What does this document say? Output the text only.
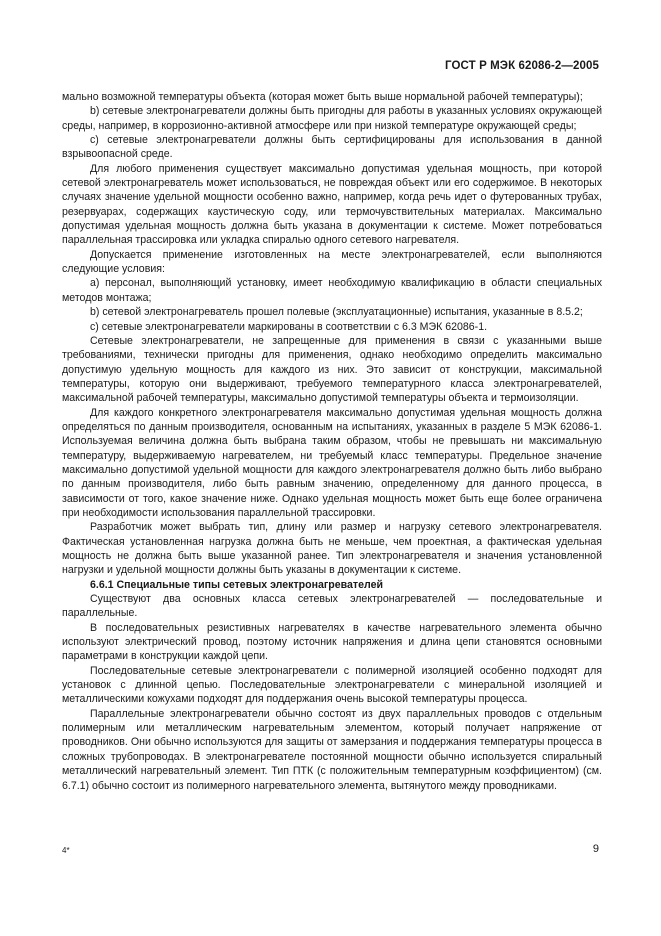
ГОСТ Р МЭК 62086-2—2005

мально возможной температуры объекта (которая может быть выше нормальной рабочей температуры);

b) сетевые электронагреватели должны быть пригодны для работы в указанных условиях окружающей среды, например, в коррозионно-активной атмосфере или при низкой температуре окружающей среды;

c) сетевые электронагреватели должны быть сертифицированы для использования в данной взрывоопасной среде.

Для любого применения существует максимально допустимая удельная мощность, при которой сетевой электронагреватель может использоваться, не повреждая объект или его содержимое. В некоторых случаях значение удельной мощности особенно важно, например, когда речь идет о футерованных трубах, резервуарах, содержащих каустическую соду, или термочувствительных материалах. Максимально допустимая удельная мощность должна быть указана в документации к системе. Может потребоваться параллельная трассировка или укладка спиралью одного сетевого нагревателя.

Допускается применение изготовленных на месте электронагревателей, если выполняются следующие условия:

a) персонал, выполняющий установку, имеет необходимую квалификацию в области специальных методов монтажа;

b) сетевой электронагреватель прошел полевые (эксплуатационные) испытания, указанные в 8.5.2;

c) сетевые электронагреватели маркированы в соответствии с 6.3 МЭК 62086-1.

Сетевые электронагреватели, не запрещенные для применения в связи с указанными выше требованиями, технически пригодны для применения, однако необходимо определить максимально допустимую удельную мощность для каждого из них. Это зависит от конструкции, максимальной температуры, которую они выдерживают, требуемого температурного класса электронагревателей, максимальной рабочей температуры, максимально допустимой температуры объекта и термоизоляции.

Для каждого конкретного электронагревателя максимально допустимая удельная мощность должна определяться по данным производителя, основанным на испытаниях, указанных в разделе 5 МЭК 62086-1. Используемая величина должна быть выбрана таким образом, чтобы не превышать ни максимальную температуру, выдерживаемую нагревателем, ни требуемый класс температуры. Предельное значение максимально допустимой удельной мощности для каждого электронагревателя должно быть либо выбрано по данным производителя, либо быть равным значению, определенному для данного процесса, в зависимости от того, какое значение ниже. Однако удельная мощность может быть еще более ограничена при необходимости использования параллельной трассировки.

Разработчик может выбрать тип, длину или размер и нагрузку сетевого электронагревателя. Фактическая установленная нагрузка должна быть не меньше, чем проектная, а фактическая удельная мощность не должна быть выше указанной ранее. Тип электронагревателя и значения установленной нагрузки и удельной мощности должны быть указаны в документации к системе.

6.6.1 Специальные типы сетевых электронагревателей

Существуют два основных класса сетевых электронагревателей — последовательные и параллельные.

В последовательных резистивных нагревателях в качестве нагревательного элемента обычно используют электрический провод, поэтому источник напряжения и длина цепи становятся основными параметрами в конструкции каждой цепи.

Последовательные сетевые электронагреватели с полимерной изоляцией особенно подходят для установок с длинной цепью. Последовательные электронагреватели с минеральной изоляцией и металлическими кожухами подходят для поддержания очень высокой температуры процесса.

Параллельные электронагреватели обычно состоят из двух параллельных проводов с отдельным полимерным или металлическим нагревательным элементом, который получает напряжение от проводников. Они обычно используются для защиты от замерзания и поддержания температуры процесса в сложных трубопроводах. В электронагревателе постоянной мощности обычно используется спиральный металлический нагревательный элемент. Тип ПТК (с положительным температурным коэффициентом) (см. 6.7.1) обычно состоит из полимерного нагревательного элемента, вытянутого между проводниками.

4*	9
